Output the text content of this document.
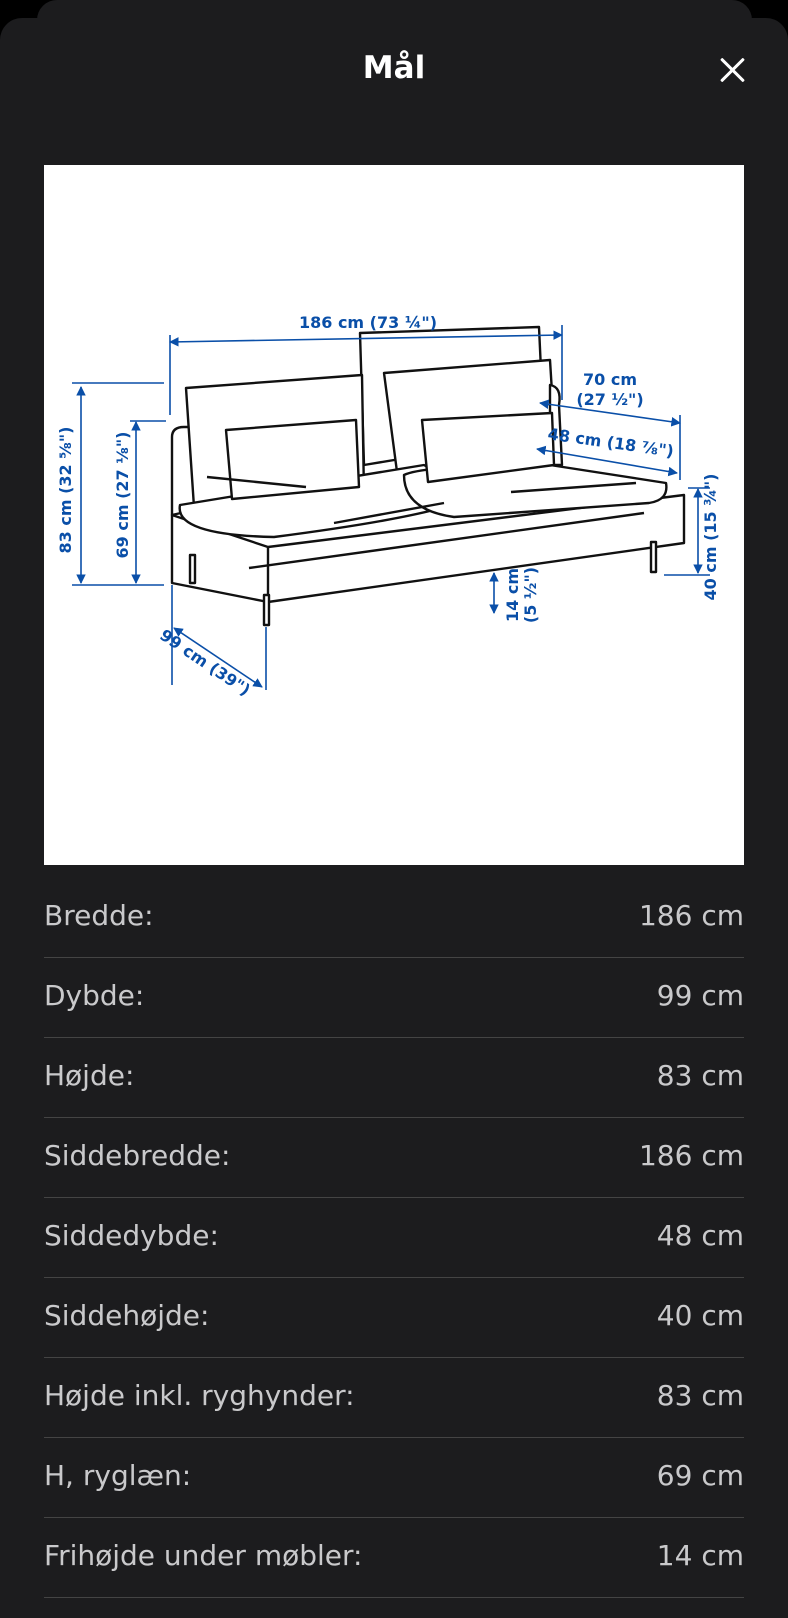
Mål
186 cm (73 ¼")
83 cm (32 ⅝") 69 cm (27 ⅛")	40 cm (15 ¾")
14 cm (5 ½")
99 cm (39")
70 cm
(27 ½")
48 cm (18 ⅞")
Bredde:	186 cm
Dybde:	99 cm
Højde:	83 cm
Siddebredde:	186 cm
Siddedybde:	48 cm
Siddehøjde:	40 cm
Højde inkl. ryghynder:	83 cm
H, ryglæn:	69 cm
Frihøjde under møbler:	14 cm
